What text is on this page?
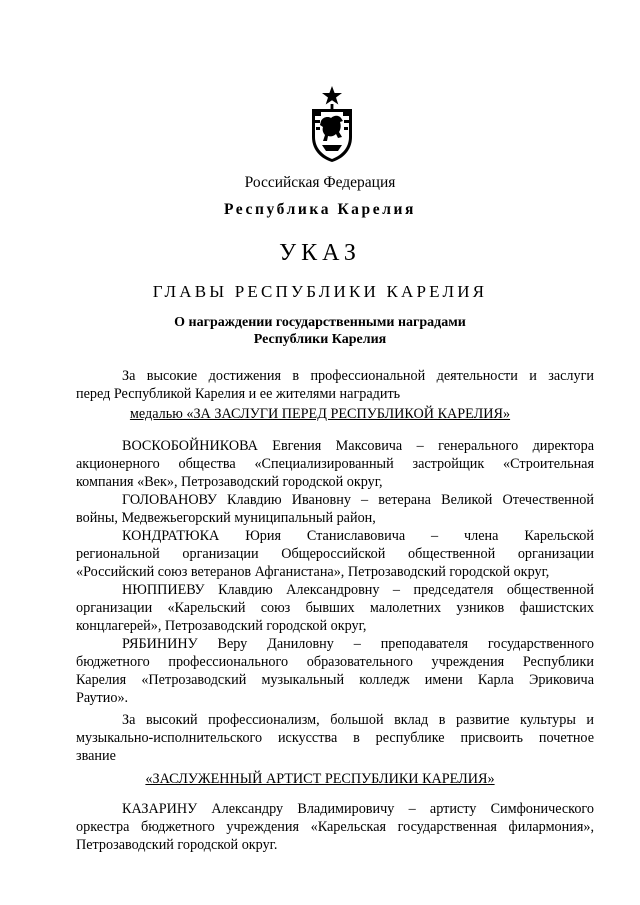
Российская Федерация
Республика Карелия
УКАЗ
ГЛАВЫ РЕСПУБЛИКИ КАРЕЛИЯ
О награждении государственными наградами
Республики Карелия
За высокие достижения в профессиональной деятельности и заслуги
перед Республикой Карелия и ее жителями наградить
медалью «ЗА ЗАСЛУГИ ПЕРЕД РЕСПУБЛИКОЙ КАРЕЛИЯ»
ВОСКОБОЙНИКОВА Евгения Максовича – генерального директора
акционерного общества «Специализированный застройщик «Строительная
компания «Век», Петрозаводский городской округ,
ГОЛОВАНОВУ Клавдию Ивановну – ветерана Великой Отечественной
войны, Медвежьегорский муниципальный район,
КОНДРАТЮКА Юрия Станиславовича – члена Карельской
региональной организации Общероссийской общественной организации
«Российский союз ветеранов Афганистана», Петрозаводский городской округ,
НЮППИЕВУ Клавдию Александровну – председателя общественной
организации «Карельский союз бывших малолетних узников фашистских
концлагерей», Петрозаводский городской округ,
РЯБИНИНУ Веру Даниловну – преподавателя государственного
бюджетного профессионального образовательного учреждения Республики
Карелия «Петрозаводский музыкальный колледж имени Карла Эриковича
Раутио».
За высокий профессионализм, большой вклад в развитие культуры и
музыкально-исполнительского искусства в республике присвоить почетное
звание
«ЗАСЛУЖЕННЫЙ АРТИСТ РЕСПУБЛИКИ КАРЕЛИЯ»
КАЗАРИНУ Александру Владимировичу – артисту Симфонического
оркестра бюджетного учреждения «Карельская государственная филармония»,
Петрозаводский городской округ.
